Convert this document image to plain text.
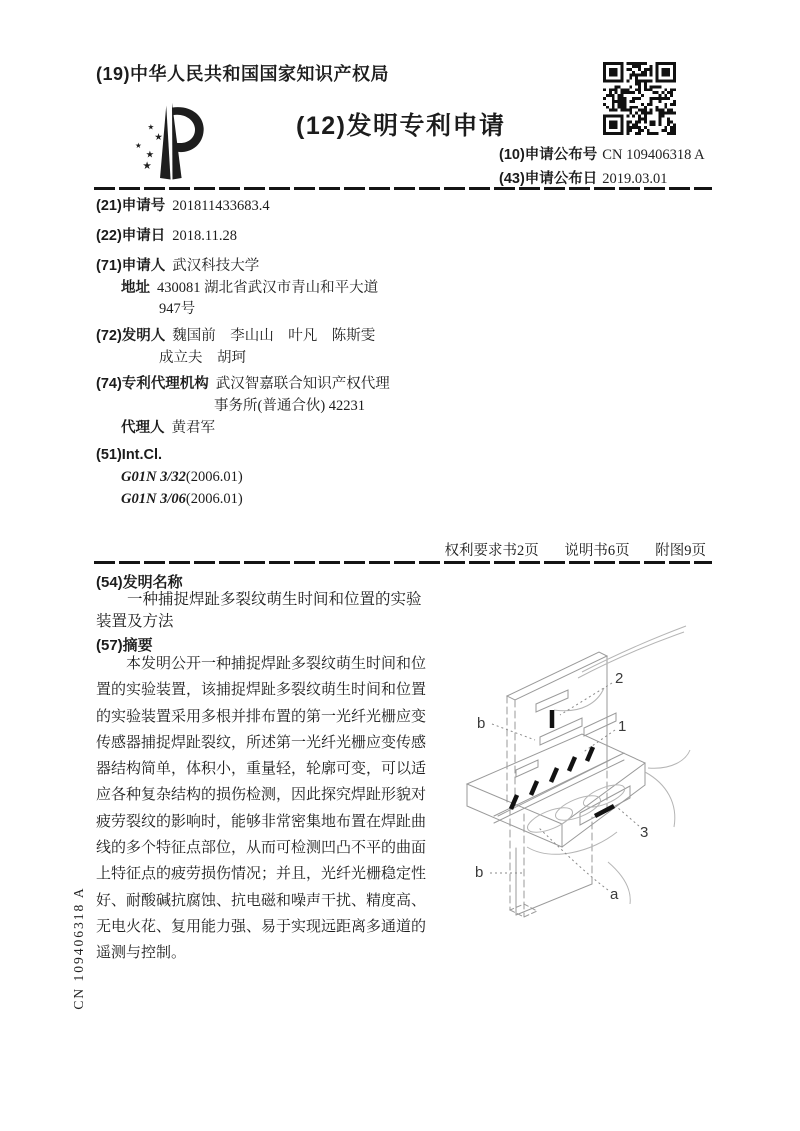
CN 109406318 A
(19)中华人民共和国国家知识产权局
★
★
★
★
★
(12)发明专利申请
(10)申请公布号 CN 109406318 A
(43)申请公布日 2019.03.01
(21)申请号 201811433683.4
(22)申请日 2018.11.28
(71)申请人 武汉科技大学
地址 430081 湖北省武汉市青山和平大道
947号
(72)发明人 魏国前　李山山　叶凡　陈斯雯
成立夫　胡珂
(74)专利代理机构 武汉智嘉联合知识产权代理
事务所(普通合伙) 42231
代理人 黄君军
(51)Int.Cl.
G01N 3/32(2006.01)
G01N 3/06(2006.01)
权利要求书2页 说明书6页 附图9页
(54)发明名称

一种捕捉焊趾多裂纹萌生时间和位置的实验装置及方法

(57)摘要

本发明公开一种捕捉焊趾多裂纹萌生时间和位置的实验装置，该捕捉焊趾多裂纹萌生时间和位置的实验装置采用多根并排布置的第一光纤光栅应变传感器捕捉焊趾裂纹，所述第一光纤光栅应变传感器结构简单，体积小，重量轻，轮廓可变，可以适应各种复杂结构的损伤检测，因此探究焊趾形貌对疲劳裂纹的影响时，能够非常密集地布置在焊趾曲线的多个特征点部位，从而可检测凹凸不平的曲面上特征点的疲劳损伤情况；并且，光纤光栅稳定性好、耐酸碱抗腐蚀、抗电磁和噪声干扰、精度高、无电火花、复用能力强、易于实现远距离多通道的遥测与控制。

2
1
3
a
b
b
